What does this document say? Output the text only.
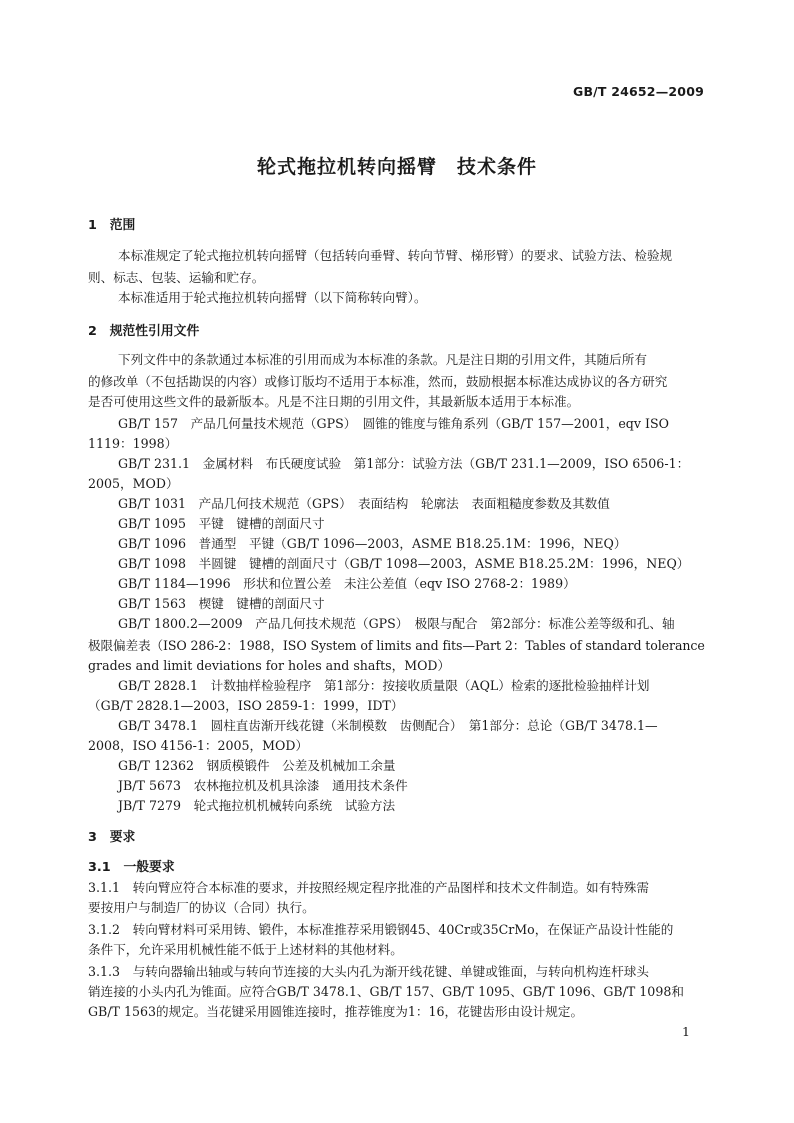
GB/T 24652—2009
轮式拖拉机转向摇臂　技术条件
1　范围
本标准规定了轮式拖拉机转向摇臂（包括转向垂臂、转向节臂、梯形臂）的要求、试验方法、检验规
则、标志、包装、运输和贮存。
本标准适用于轮式拖拉机转向摇臂（以下简称转向臂）。
2　规范性引用文件
下列文件中的条款通过本标准的引用而成为本标准的条款。凡是注日期的引用文件，其随后所有
的修改单（不包括勘误的内容）或修订版均不适用于本标准，然而，鼓励根据本标准达成协议的各方研究
是否可使用这些文件的最新版本。凡是不注日期的引用文件，其最新版本适用于本标准。
GB/T 157　产品几何量技术规范（GPS）　圆锥的锥度与锥角系列（GB/T 157—2001，eqv ISO
1119：1998）
GB/T 231.1　金属材料　布氏硬度试验　第1部分：试验方法（GB/T 231.1—2009，ISO 6506-1：
2005，MOD）
GB/T 1031　产品几何技术规范（GPS）　表面结构　轮廓法　表面粗糙度参数及其数值
GB/T 1095　平键　键槽的剖面尺寸
GB/T 1096　普通型　平键（GB/T 1096—2003，ASME B18.25.1M：1996，NEQ）
GB/T 1098　半圆键　键槽的剖面尺寸（GB/T 1098—2003，ASME B18.25.2M：1996，NEQ）
GB/T 1184—1996　形状和位置公差　未注公差值（eqv ISO 2768-2：1989）
GB/T 1563　楔键　键槽的剖面尺寸
GB/T 1800.2—2009　产品几何技术规范（GPS）　极限与配合　第2部分：标准公差等级和孔、轴
极限偏差表（ISO 286-2：1988，ISO System of limits and fits—Part 2：Tables of standard tolerance
grades and limit deviations for holes and shafts，MOD）
GB/T 2828.1　计数抽样检验程序　第1部分：按接收质量限（AQL）检索的逐批检验抽样计划
（GB/T 2828.1—2003，ISO 2859-1：1999，IDT）
GB/T 3478.1　圆柱直齿渐开线花键（米制模数　齿侧配合）　第1部分：总论（GB/T 3478.1—
2008，ISO 4156-1：2005，MOD）
GB/T 12362　钢质模锻件　公差及机械加工余量
JB/T 5673　农林拖拉机及机具涂漆　通用技术条件
JB/T 7279　轮式拖拉机机械转向系统　试验方法
3　要求
3.1　一般要求
3.1.1　转向臂应符合本标准的要求，并按照经规定程序批准的产品图样和技术文件制造。如有特殊需
要按用户与制造厂的协议（合同）执行。
3.1.2　转向臂材料可采用铸、锻件，本标准推荐采用锻钢45、40Cr或35CrMo，在保证产品设计性能的
条件下，允许采用机械性能不低于上述材料的其他材料。
3.1.3　与转向器输出轴或与转向节连接的大头内孔为渐开线花键、单键或锥面，与转向机构连杆球头
销连接的小头内孔为锥面。应符合GB/T 3478.1、GB/T 157、GB/T 1095、GB/T 1096、GB/T 1098和
GB/T 1563的规定。当花键采用圆锥连接时，推荐锥度为1：16，花键齿形由设计规定。
1
